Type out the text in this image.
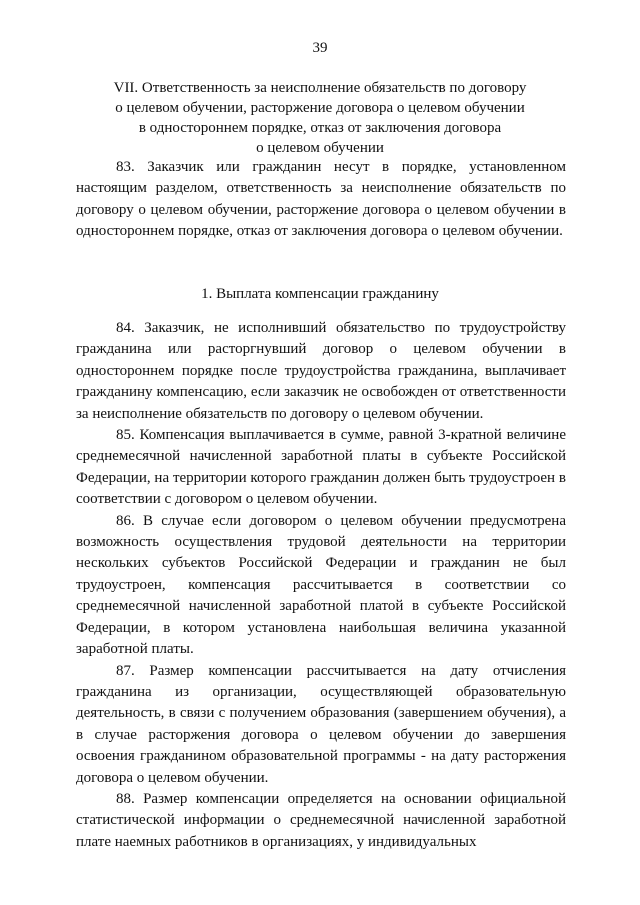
39
VII. Ответственность за неисполнение обязательств по договору
о целевом обучении, расторжение договора о целевом обучении
в одностороннем порядке, отказ от заключения договора
о целевом обучении

83. Заказчик или гражданин несут в порядке, установленном настоящим разделом, ответственность за неисполнение обязательств по договору о целевом обучении, расторжение договора о целевом обучении в одностороннем порядке, отказ от заключения договора о целевом обучении.

1. Выплата компенсации гражданину

84. Заказчик, не исполнивший обязательство по трудоустройству гражданина или расторгнувший договор о целевом обучении в одностороннем порядке после трудоустройства гражданина, выплачивает гражданину компенсацию, если заказчик не освобожден от ответственности за неисполнение обязательств по договору о целевом обучении.

85. Компенсация выплачивается в сумме, равной 3-кратной величине среднемесячной начисленной заработной платы в субъекте Российской Федерации, на территории которого гражданин должен быть трудоустроен в соответствии с договором о целевом обучении.

86. В случае если договором о целевом обучении предусмотрена возможность осуществления трудовой деятельности на территории нескольких субъектов Российской Федерации и гражданин не был трудоустроен, компенсация рассчитывается в соответствии со среднемесячной начисленной заработной платой в субъекте Российской Федерации, в котором установлена наибольшая величина указанной заработной платы.

87. Размер компенсации рассчитывается на дату отчисления гражданина из организации, осуществляющей образовательную деятельность, в связи с получением образования (завершением обучения), а в случае расторжения договора о целевом обучении до завершения освоения гражданином образовательной программы - на дату расторжения договора о целевом обучении.

88. Размер компенсации определяется на основании официальной статистической информации о среднемесячной начисленной заработной плате наемных работников в организациях, у индивидуальных
